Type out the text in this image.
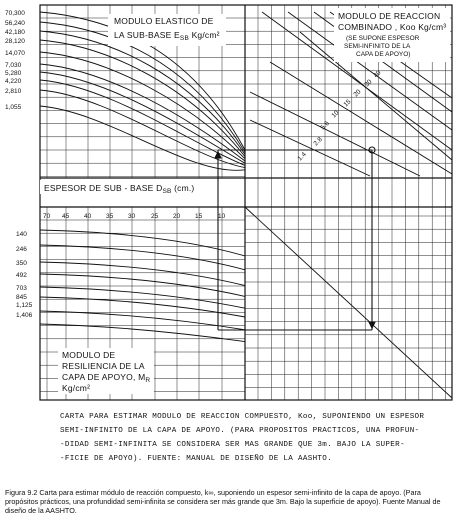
70,300
56,240
42,180
28,120
14,070
7,030
5,280
4,220
2,810
1,055
MODULO ELASTICO DE
LA SUB-BASE $E_{SB}$ Kg/cm²
MODULO DE REACCION
COMBINADO , Koo Kg/cm³
(SE SUPONE ESPESOR
SEMI-INFINITO DE LA
CAPA DE APOYO)
40
30
20
15
10
5.6
2.8
1.4
ESPESOR DE SUB - BASE $D_{SB}$ (cm.)
70 45 40 35 30 25 20 15 10
140
246
350
492
703
845
1,125
1,406
MODULO DE
RESILIENCIA DE LA
CAPA DE APOYO, $M_R$
Kg/cm²
CARTA PARA ESTIMAR MODULO DE REACCION COMPUESTO, Koo, SUPONIENDO UN ESPESOR
SEMI-INFINITO DE LA CAPA DE APOYO. (PARA PROPOSITOS PRACTICOS, UNA PROFUN-
-DIDAD SEMI-INFINITA SE CONSIDERA SER MAS GRANDE QUE 3m. BAJO LA SUPER-
-FICIE DE APOYO). FUENTE: MANUAL DE DISEÑO DE LA AASHTO.
Figura 9.2 Carta para estimar módulo de reacción compuesto, k∞, suponiendo un espesor semi-infinito de la capa de apoyo. (Para propósitos prácticos, una profundidad semi-infinita se considera ser más grande que 3m. Bajo la superficie de apoyo). Fuente Manual de diseño de la AASHTO.
